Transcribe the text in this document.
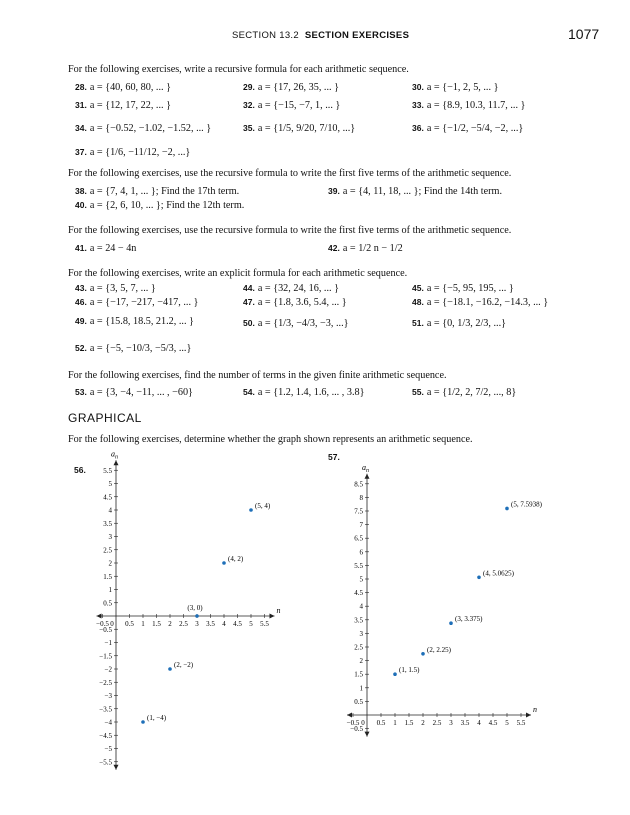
SECTION 13.2 SECTION EXERCISES	1077
For the following exercises, write a recursive formula for each arithmetic sequence.
For the following exercises, use the recursive formula to write the first five terms of the arithmetic sequence.
For the following exercises, use the recursive formula to write the first five terms of the arithmetic sequence.
For the following exercises, write an explicit formula for each arithmetic sequence.
For the following exercises, find the number of terms in the given finite arithmetic sequence.
For the following exercises, determine whether the graph shown represents an arithmetic sequence.
28. a = {40, 60, 80, ... }	29. a = {17, 26, 35, ... }	30. a = {−1, 2, 5, ... }
31. a = {12, 17, 22, ... }	32. a = {−15, −7, 1, ... }	33. a = {8.9, 10.3, 11.7, ... }
34. a = {−0.52, −1.02, −1.52, ... }	35. a = {1/5, 9/20, 7/10, ...}	36. a = {−1/2, −5/4, −2, ...}
37. a = {1/6, −11/12, −2, ...}
38. a = {7, 4, 1, ... }; Find the 17th term.	39. a = {4, 11, 18, ... }; Find the 14th term.
40. a = {2, 6, 10, ... }; Find the 12th term.
41. a = 24 − 4n	42. a = 1/2 n − 1/2
43. a = {3, 5, 7, ... }	44. a = {32, 24, 16, ... }	45. a = {−5, 95, 195, ... }
46. a = {−17, −217, −417, ... }	47. a = {1.8, 3.6, 5.4, ... }	48. a = {−18.1, −16.2, −14.3, ... }
49. a = {15.8, 18.5, 21.2, ... }	50. a = {1/3, −4/3, −3, ...}	51. a = {0, 1/3, 2/3, ...}
52. a = {−5, −10/3, −5/3, ...}
53. a = {3, −4, −11, ... , −60}	54. a = {1.2, 1.4, 1.6, ... , 3.8}	55. a = {1/2, 2, 7/2, ..., 8}
GRAPHICAL
56.
57.
n
$a_n$
−0.5 0 0.5 1 1.5 2 2.5 3 3.5 4 4.5 5 5.5
0.5
1
1.5
2
2.5
3
3.5
4
4.5
5
5.5
−0.5
−1
−1.5
−2
−2.5
−3
−3.5
−4
−4.5
−5
−5.5
(1, −4)
(2, −2)
(3, 0)
(4, 2)
(5, 4)
n
$a_n$
−0.5 0 0.5 1 1.5 2 2.5 3 3.5 4 4.5 5 5.5
0.5
1
1.5
2
2.5
3
3.5
4
4.5
5
5.5
6
6.5
7
7.5
8
8.5
−0.5
(1, 1.5)
(2, 2.25)
(3, 3.375)
(4, 5.0625)
(5, 7.5938)
